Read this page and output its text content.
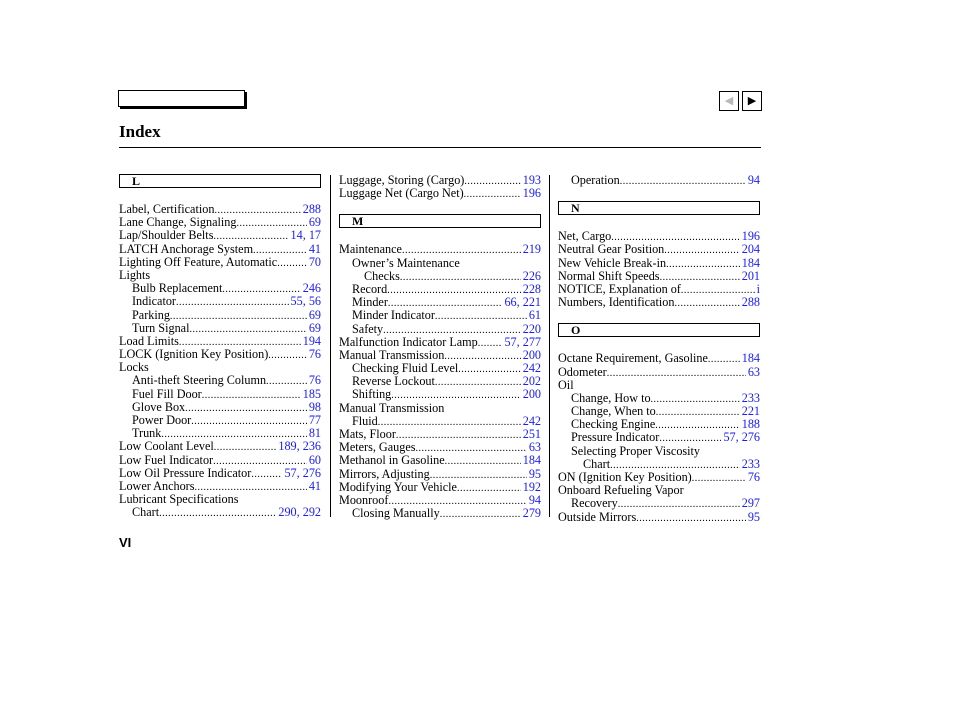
◀ ▶
Index
L
Label, Certification .....	288
Lane Change, Signaling .....	69
Lap/Shoulder Belts .....	14, 17
LATCH Anchorage System .....	41
Lighting Off Feature, Automatic .....	70
Lights
Bulb Replacement .....	246
Indicator .....	55, 56
Parking .....	69
Turn Signal .....	69
Load Limits .....	194
LOCK (Ignition Key Position) .....	76
Locks
Anti-theft Steering Column .....	76
Fuel Fill Door .....	185
Glove Box .....	98
Power Door .....	77
Trunk .....	81
Low Coolant Level .....	189, 236
Low Fuel Indicator .....	60
Low Oil Pressure Indicator .....	57, 276
Lower Anchors .....	41
Lubricant Specifications
Chart .....	290, 292
Luggage, Storing (Cargo) .....	193
Luggage Net (Cargo Net) .....	196
M
Maintenance .....	219
Owner’s Maintenance
Checks .....	226
Record .....	228
Minder .....	66, 221
Minder Indicator .....	61
Safety .....	220
Malfunction Indicator Lamp ..... 57, 277
Manual Transmission .....	200
Checking Fluid Level .....	242
Reverse Lockout .....	202
Shifting .....	200
Manual Transmission
Fluid .....	242
Mats, Floor .....	251
Meters, Gauges .....	63
Methanol in Gasoline .....	184
Mirrors, Adjusting .....	95
Modifying Your Vehicle .....	192
Moonroof .....	94
Closing Manually .....	279
Operation .....	94
N
Net, Cargo .....	196
Neutral Gear Position .....	204
New Vehicle Break-in .....	184
Normal Shift Speeds .....	201
NOTICE, Explanation of .....	i
Numbers, Identification .....	288
O
Octane Requirement, Gasoline .....	184
Odometer .....	63
Oil
Change, How to .....	233
Change, When to .....	221
Checking Engine .....	188
Pressure Indicator .....	57, 276
Selecting Proper Viscosity
Chart .....	233
ON (Ignition Key Position) .....	76
Onboard Refueling Vapor
Recovery .....	297
Outside Mirrors .....	95
VI
